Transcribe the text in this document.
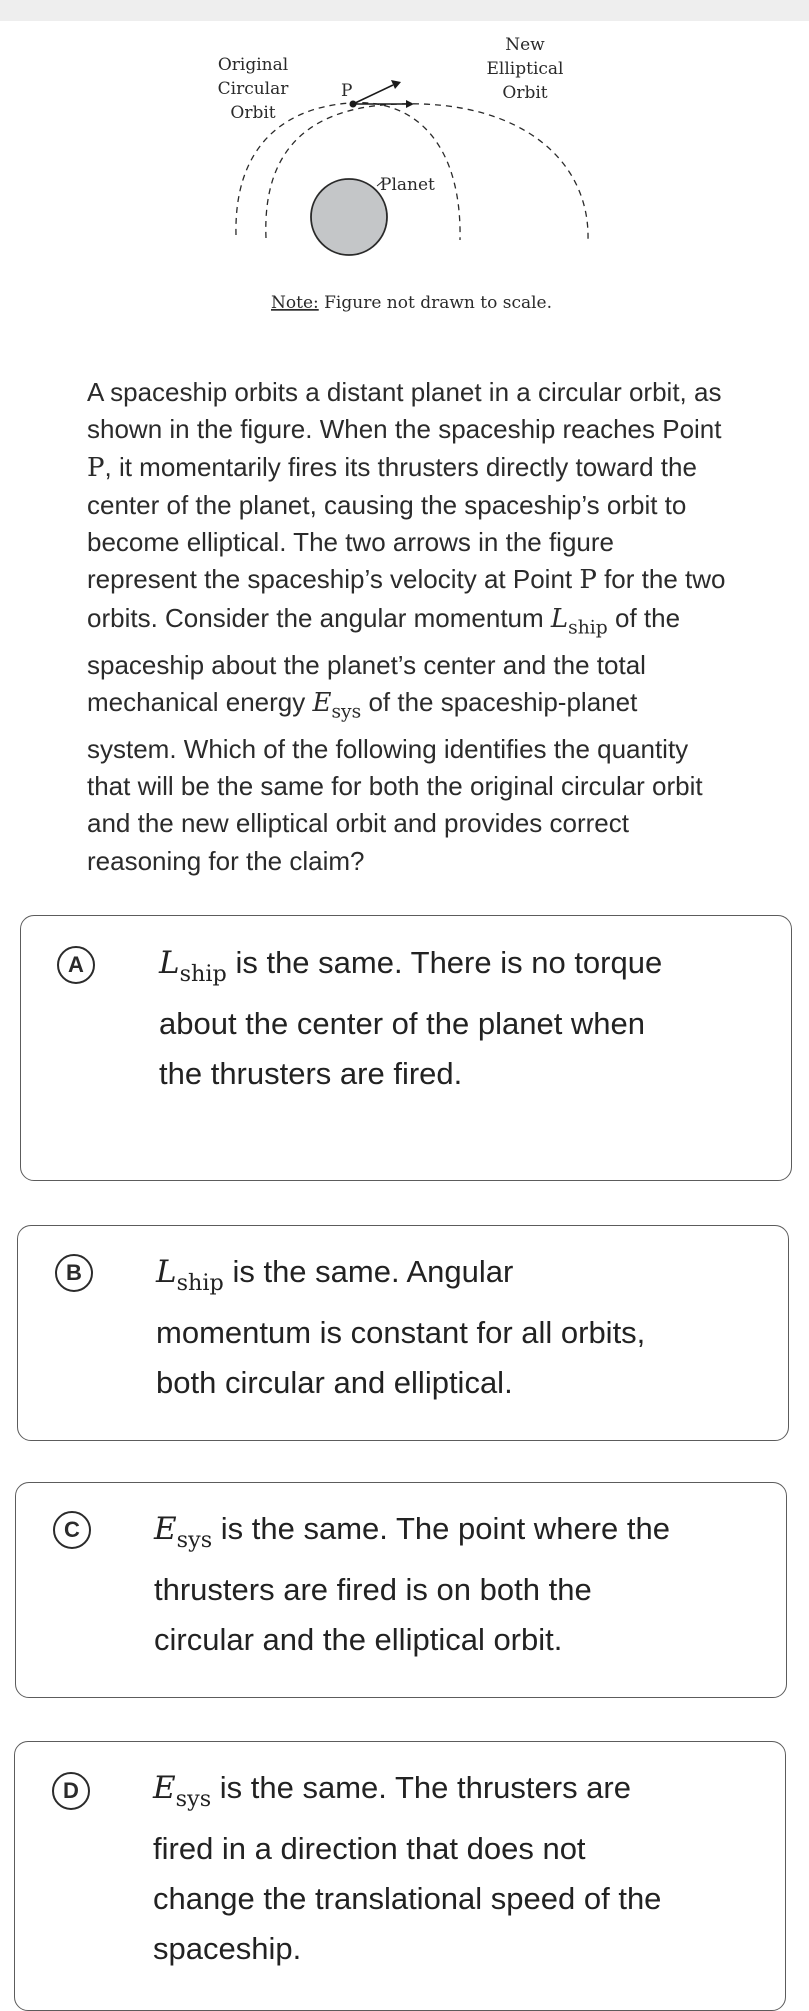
Original
Circular
Orbit
New
Elliptical
Orbit
P
Planet
Note: Figure not drawn to scale.

A spaceship orbits a distant planet in a circular orbit, as shown in the figure. When the spaceship reaches Point P, it momentarily fires its thrusters directly toward the center of the planet, causing the spaceship’s orbit to become elliptical. The two arrows in the figure represent the spaceship’s velocity at Point P for the two orbits. Consider the angular momentum $L_{ship}$ of the spaceship about the planet’s center and the total mechanical energy $E_{sys}$ of the spaceship-planet system. Which of the following identifies the quantity that will be the same for both the original circular orbit and the new elliptical orbit and provides correct reasoning for the claim?

A	$L_{ship}$ is the same. There is no torque about the center of the planet when the thrusters are fired.

B	$L_{ship}$ is the same. Angular momentum is constant for all orbits, both circular and elliptical.

C	$E_{sys}$ is the same. The point where the thrusters are fired is on both the circular and the elliptical orbit.

D	$E_{sys}$ is the same. The thrusters are fired in a direction that does not change the translational speed of the spaceship.
